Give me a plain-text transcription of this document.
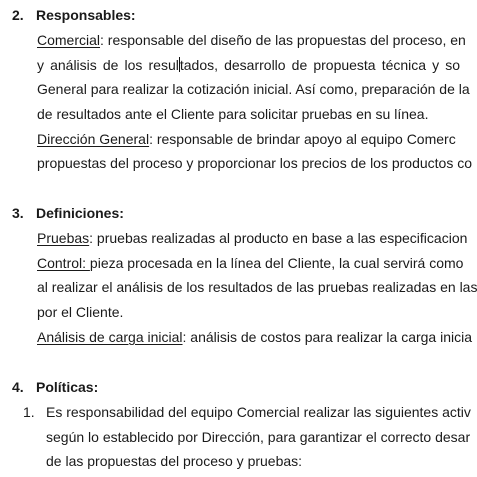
2. Responsables:
Comercial: responsable del diseño de las propuestas del proceso, en
y análisis de los resultados, desarrollo de propuesta técnica y so
General para realizar la cotización inicial. Así como, preparación de la
de resultados ante el Cliente para solicitar pruebas en su línea.
Dirección General: responsable de brindar apoyo al equipo Comerc
propuestas del proceso y proporcionar los precios de los productos co
3. Definiciones:
Pruebas: pruebas realizadas al producto en base a las especificacion
Control: pieza procesada en la línea del Cliente, la cual servirá como
al realizar el análisis de los resultados de las pruebas realizadas en las
por el Cliente.
Análisis de carga inicial: análisis de costos para realizar la carga inicia
4. Políticas:
1. Es responsabilidad del equipo Comercial realizar las siguientes activ
según lo establecido por Dirección, para garantizar el correcto desar
de las propuestas del proceso y pruebas:
